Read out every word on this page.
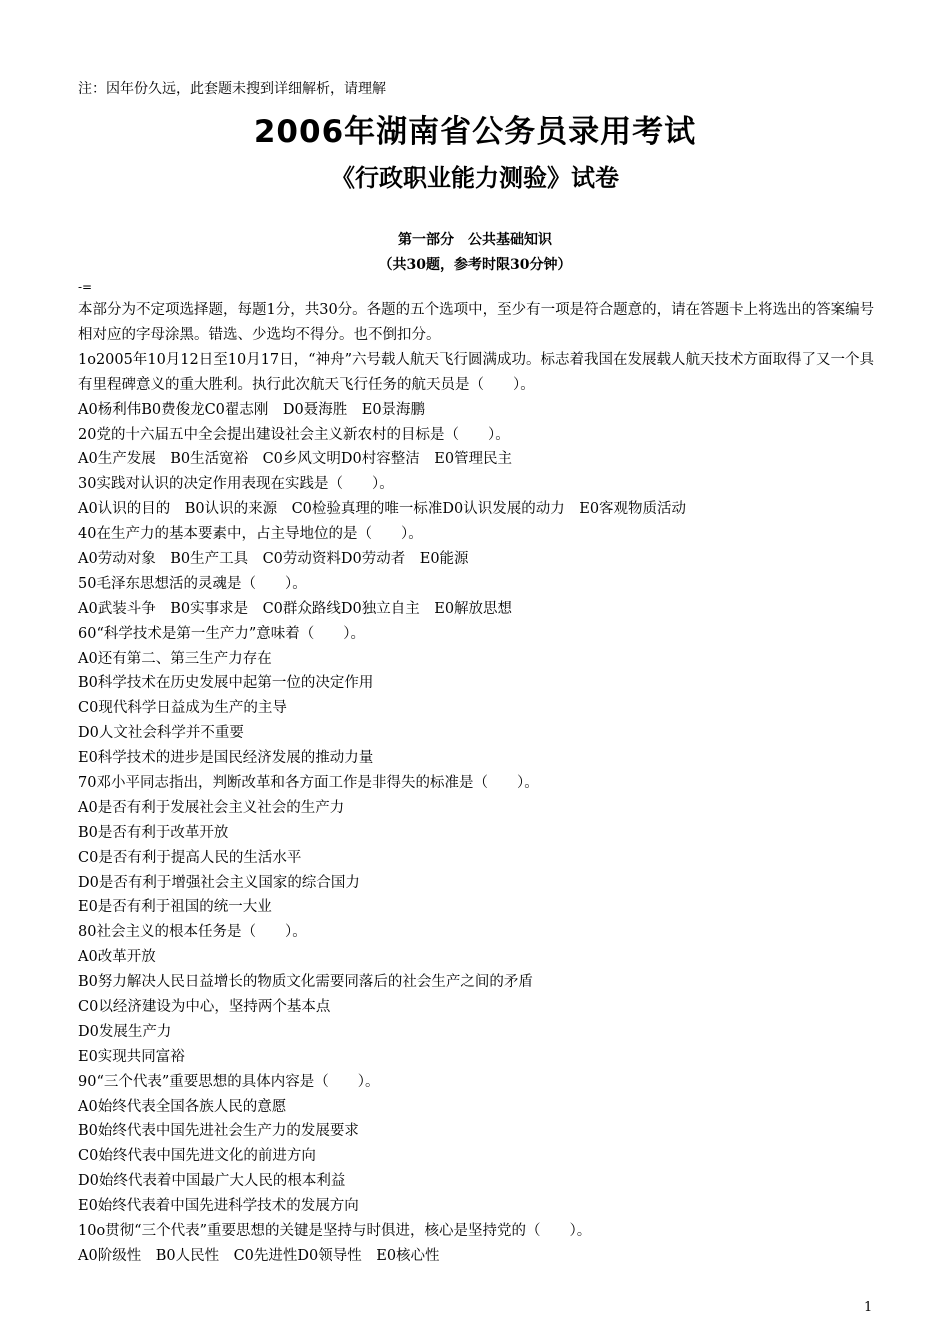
注：因年份久远，此套题未搜到详细解析，请理解
2006年湖南省公务员录用考试
《行政职业能力测验》试卷
第一部分　公共基础知识
（共30题，参考时限30分钟）
-=
本部分为不定项选择题，每题1分，共30分。各题的五个选项中，至少有一项是符合题意的，请在答题卡上将选出的答案编号相对应的字母涂黑。错选、少选均不得分。也不倒扣分。
1o2005年10月12日至10月17日，“神舟”六号载人航天飞行圆满成功。标志着我国在发展载人航天技术方面取得了又一个具有里程碑意义的重大胜利。执行此次航天飞行任务的航天员是（　　）。
A0杨利伟B0费俊龙C0翟志刚　D0聂海胜　E0景海鹏
20党的十六届五中全会提出建设社会主义新农村的目标是（　　）。
A0生产发展　B0生活宽裕　C0乡风文明D0村容整洁　E0管理民主
30实践对认识的决定作用表现在实践是（　　）。
A0认识的目的　B0认识的来源　C0检验真理的唯一标准D0认识发展的动力　E0客观物质活动
40在生产力的基本要素中，占主导地位的是（　　）。
A0劳动对象　B0生产工具　C0劳动资料D0劳动者　E0能源
50毛泽东思想活的灵魂是（　　）。
A0武装斗争　B0实事求是　C0群众路线D0独立自主　E0解放思想
60“科学技术是第一生产力”意味着（　　）。
A0还有第二、第三生产力存在
B0科学技术在历史发展中起第一位的决定作用
C0现代科学日益成为生产的主导
D0人文社会科学并不重要
E0科学技术的进步是国民经济发展的推动力量
70邓小平同志指出，判断改革和各方面工作是非得失的标准是（　　）。
A0是否有利于发展社会主义社会的生产力
B0是否有利于改革开放
C0是否有利于提高人民的生活水平
D0是否有利于增强社会主义国家的综合国力
E0是否有利于祖国的统一大业
80社会主义的根本任务是（　　）。
A0改革开放
B0努力解决人民日益增长的物质文化需要同落后的社会生产之间的矛盾
C0以经济建设为中心，坚持两个基本点
D0发展生产力
E0实现共同富裕
90“三个代表”重要思想的具体内容是（　　）。
A0始终代表全国各族人民的意愿
B0始终代表中国先进社会生产力的发展要求
C0始终代表中国先进文化的前进方向
D0始终代表着中国最广大人民的根本利益
E0始终代表着中国先进科学技术的发展方向
10o贯彻“三个代表”重要思想的关键是坚持与时俱进，核心是坚持党的（　　）。
A0阶级性　B0人民性　C0先进性D0领导性　E0核心性
1
